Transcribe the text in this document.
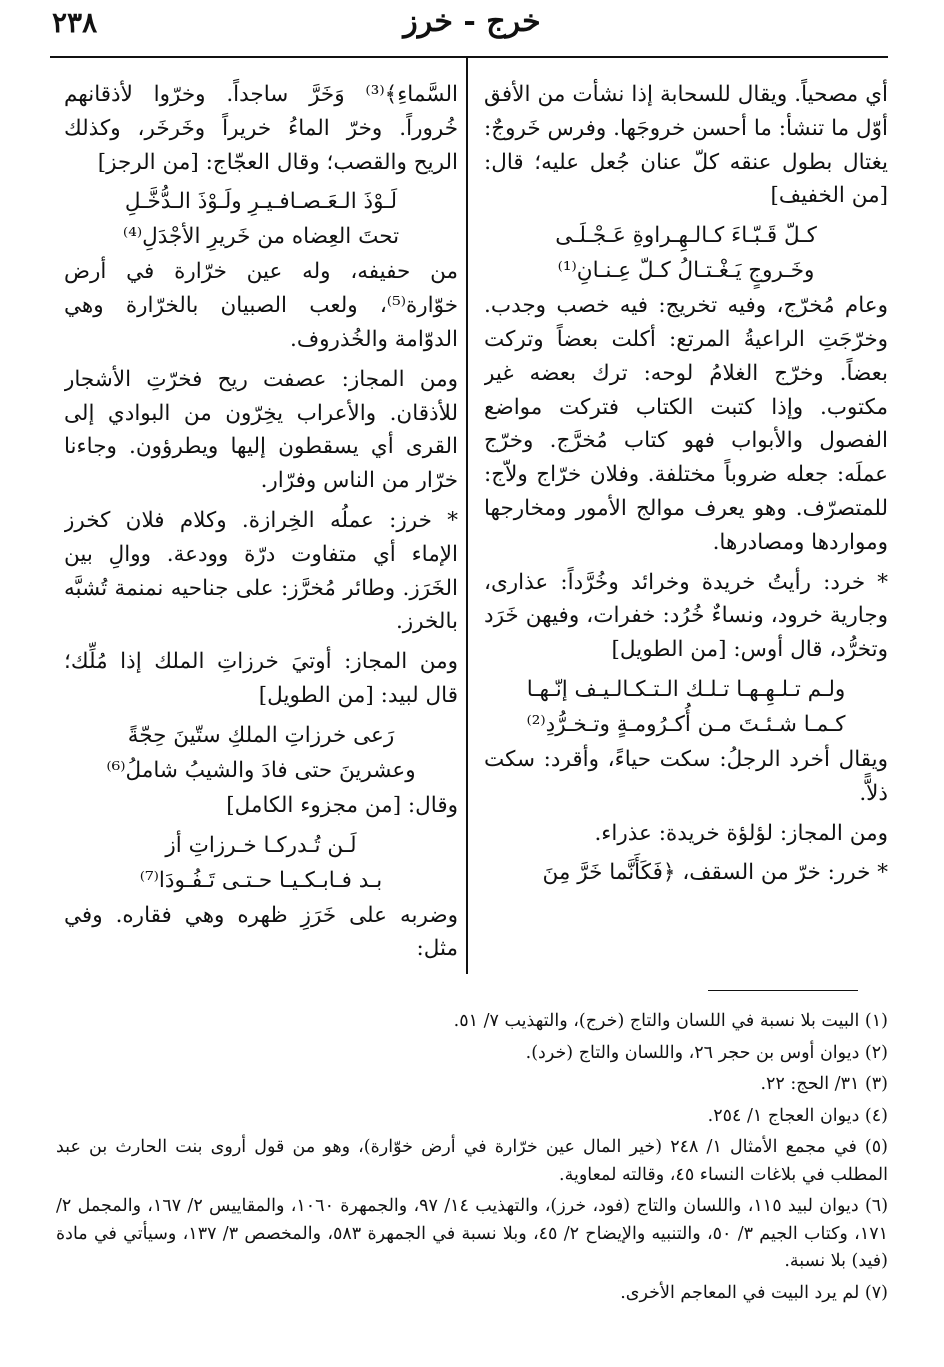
٢٣٨	خرج - خرز

أي مصحياً. ويقال للسحابة إذا نشأت من الأفق أوّل ما تنشأ: ما أحسن خروجَها. وفرس خَروجٌ: يغتال بطول عنقه كلّ عنان جُعل عليه؛ قال: [من الخفيف]

كـلّ قَـبّـاءَ كـالـهِـراوةِ عَـجْـلَـى

وخَـروجٍ يَـغْـتـالُ كـلّ عِـنـانِ⁽¹⁾

وعام مُخرّج، وفيه تخريج: فيه خصب وجدب. وخرّجَتِ الراعيةُ المرتع: أكلت بعضاً وتركت بعضاً. وخرّج الغلامُ لوحه: ترك بعضه غير مكتوب. وإذا كتبت الكتاب فتركت مواضع الفصول والأبواب فهو كتاب مُخرَّج. وخرّج عملَه: جعله ضروباً مختلفة. وفلان خرّاج ولاّج: للمتصرّف. وهو يعرف موالج الأمور ومخارجها ومواردها ومصادرها.

* خرد: رأيتُ خريدة وخرائد وخُرَّداً: عذارى، وجارية خرود، ونساءٌ خُرُد: خفرات، وفيهن خَرَد وتخرُّد، قال أوس: [من الطويل]

ولـم تـلـهِـهـا تـلـك الـتـكـالـيـف إنّـهـا

كـمـا شـئـتَ مـن أُكـرُومـةٍ وتـخـرُّدِ⁽²⁾

ويقال أخرد الرجلُ: سكت حياءً، وأقرد: سكت ذلاًّ.

ومن المجاز: لؤلؤة خريدة: عذراء.

* خرر: خرّ من السقف، ﴿فَكَأَنَّما خَرَّ مِنَ

السَّماءِ﴾⁽³⁾ وَخَرَّ ساجداً. وخرّوا لأذقانهم خُروراً. وخرّ الماءُ خريراً وخَرخَر، وكذلك الريح والقصب؛ وقال العجّاج: [من الرجز]

لَـوْذَ الـعَـصـافـيـرِ ولَـوْذَ الـدُّخَّـلِ

تحتَ العِضاه من خَريرِ الأجْدَلِ⁽⁴⁾

من حفيفه، وله عين خرّارة في أرض خوّارة⁽⁵⁾، ولعب الصبيان بالخرّارة وهي الدوّامة والخُذروف.

ومن المجاز: عصفت ريح فخرّتِ الأشجار للأذقان. والأعراب يخِرّون من البوادي إلى القرى أي يسقطون إليها ويطرؤون. وجاءنا خرّار من الناس وفرّار.

* خرز: عملُه الخِرازة. وكلام فلان كخرز الإماء أي متفاوت درّة وودعة. ووالِ بين الخَرَز. وطائر مُخرَّز: على جناحيه نمنمة تُشبَّه بالخرز.

ومن المجاز: أوتيَ خرزاتِ الملك إذا مُلِّك؛ قال لبيد: [من الطويل]

رَعى خرزاتِ الملكِ ستّينَ حِجّةً

وعشرينَ حتى فادَ والشيبُ شاملُ⁽⁶⁾

وقال: [من مجزوء الكامل]

لَـن تُـدركـا خـرزاتِ أز

بـد فـابـكـيـا حـتـى تَـفُـودَا⁽⁷⁾

وضربه على خَرَزِ ظهره وهي فقاره. وفي مثل:

(١) البيت بلا نسبة في اللسان والتاج (خرج)، والتهذيب ٧/ ٥١.

(٢) ديوان أوس بن حجر ٢٦، واللسان والتاج (خرد).

(٣) ٣١/ الحج: ٢٢.

(٤) ديوان العجاج ١/ ٢٥٤.

(٥) في مجمع الأمثال ١/ ٢٤٨ (خير المال عين خرّارة في أرض خوّارة)، وهو من قول أروى بنت الحارث بن عبد المطلب في بلاغات النساء ٤٥، وقالته لمعاوية.

(٦) ديوان لبيد ١١٥، واللسان والتاج (فود، خرز)، والتهذيب ١٤/ ٩٧، والجمهرة ١٠٦٠، والمقاييس ٢/ ١٦٧، والمجمل ٢/ ١٧١، وكتاب الجيم ٣/ ٥٠، والتنبيه والإيضاح ٢/ ٤٥، وبلا نسبة في الجمهرة ٥٨٣، والمخصص ٣/ ١٣٧، وسيأتي في مادة (فيد) بلا نسبة.

(٧) لم يرد البيت في المعاجم الأخرى.
